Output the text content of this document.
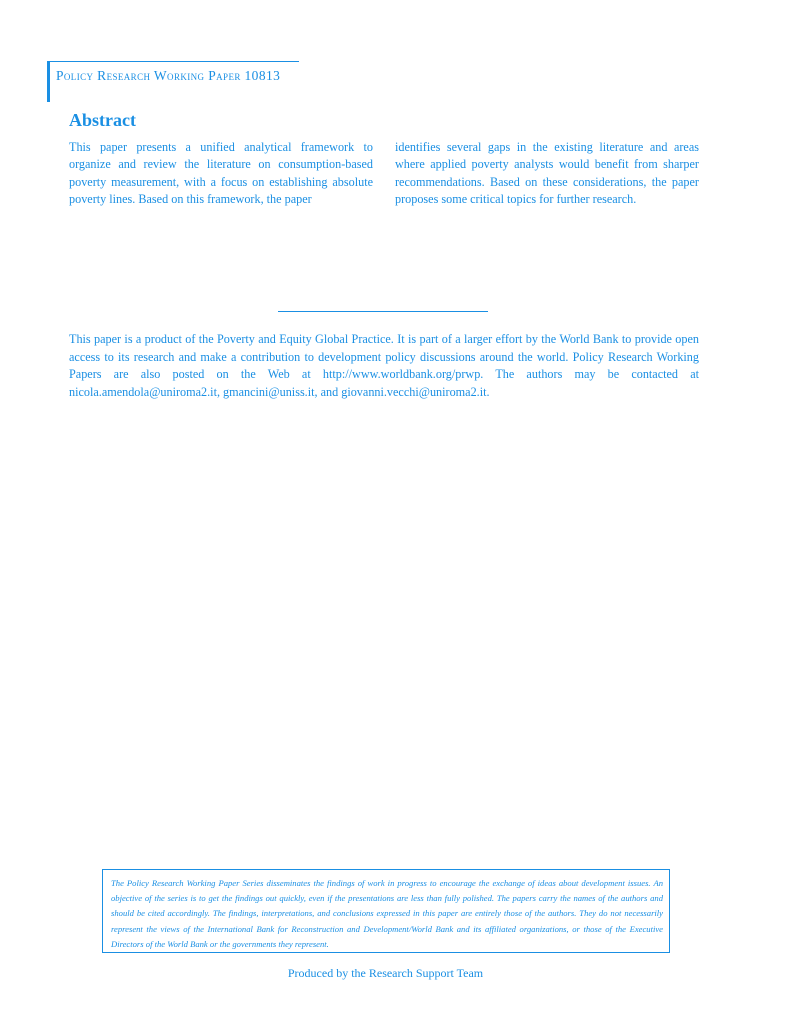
Policy Research Working Paper 10813
Abstract
This paper presents a unified analytical framework to organize and review the literature on consumption-based poverty measurement, with a focus on establishing absolute poverty lines. Based on this framework, the paper
identifies several gaps in the existing literature and areas where applied poverty analysts would benefit from sharper recommendations. Based on these considerations, the paper proposes some critical topics for further research.
This paper is a product of the Poverty and Equity Global Practice. It is part of a larger effort by the World Bank to provide open access to its research and make a contribution to development policy discussions around the world. Policy Research Working Papers are also posted on the Web at http://www.worldbank.org/prwp. The authors may be contacted at nicola.amendola@uniroma2.it, gmancini@uniss.it, and giovanni.vecchi@uniroma2.it.
The Policy Research Working Paper Series disseminates the findings of work in progress to encourage the exchange of ideas about development issues. An objective of the series is to get the findings out quickly, even if the presentations are less than fully polished. The papers carry the names of the authors and should be cited accordingly. The findings, interpretations, and conclusions expressed in this paper are entirely those of the authors. They do not necessarily represent the views of the International Bank for Reconstruction and Development/World Bank and its affiliated organizations, or those of the Executive Directors of the World Bank or the governments they represent.
Produced by the Research Support Team
